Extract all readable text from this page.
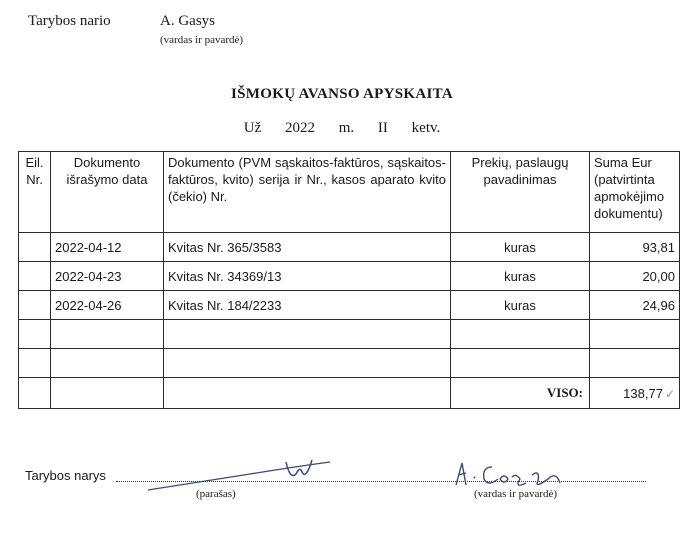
Tarybos nario	A. Gasys
(vardas ir pavardė)
IŠMOKŲ AVANSO APYSKAITA
Už 2022 m. II ketv.
Eil. Nr.	Dokumento išrašymo data	Dokumento (PVM sąskaitos-faktūros, sąskaitos-faktūros, kvito) serija ir Nr., kasos aparato kvito (čekio) Nr.	Prekių, paslaugų pavadinimas	Suma Eur (patvirtinta apmokėjimo dokumentu)
	2022-04-12	Kvitas Nr. 365/3583	kuras	93,81
	2022-04-23	Kvitas Nr. 34369/13	kuras	20,00
	2022-04-26	Kvitas Nr. 184/2233	kuras	24,96

			VISO:	138,77 ✓
Tarybos narys
(parašas)	(vardas ir pavardė)
